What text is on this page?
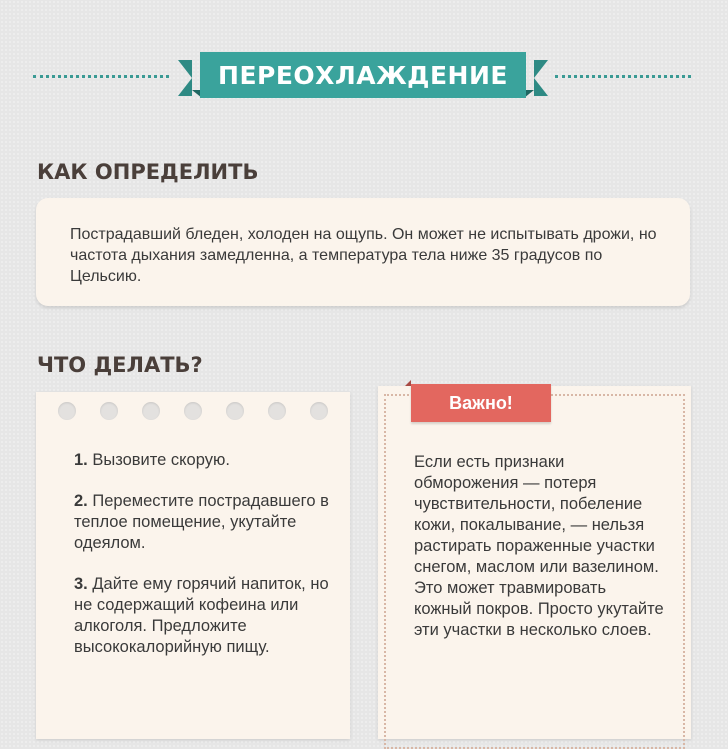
ПЕРЕОХЛАЖДЕНИЕ
КАК ОПРЕДЕЛИТЬ
Пострадавший бледен, холоден на ощупь. Он может не испытывать дрожи, но частота дыхания замедленна, а температура тела ниже 35 градусов по Цельсию.
ЧТО ДЕЛАТЬ?

1. Вызовите скорую.

2. Переместите пострадавшего в теплое помещение, укутайте одеялом.

3. Дайте ему горячий напиток, но не содержащий кофеина или алкоголя. Предложите высококалорийную пищу.

Важно!
Если есть признаки обморожения — потеря чувствительности, побеление кожи, покалывание, — нельзя растирать пораженные участки снегом, маслом или вазелином. Это может травмировать кожный покров. Просто укутайте эти участки в несколько слоев.
